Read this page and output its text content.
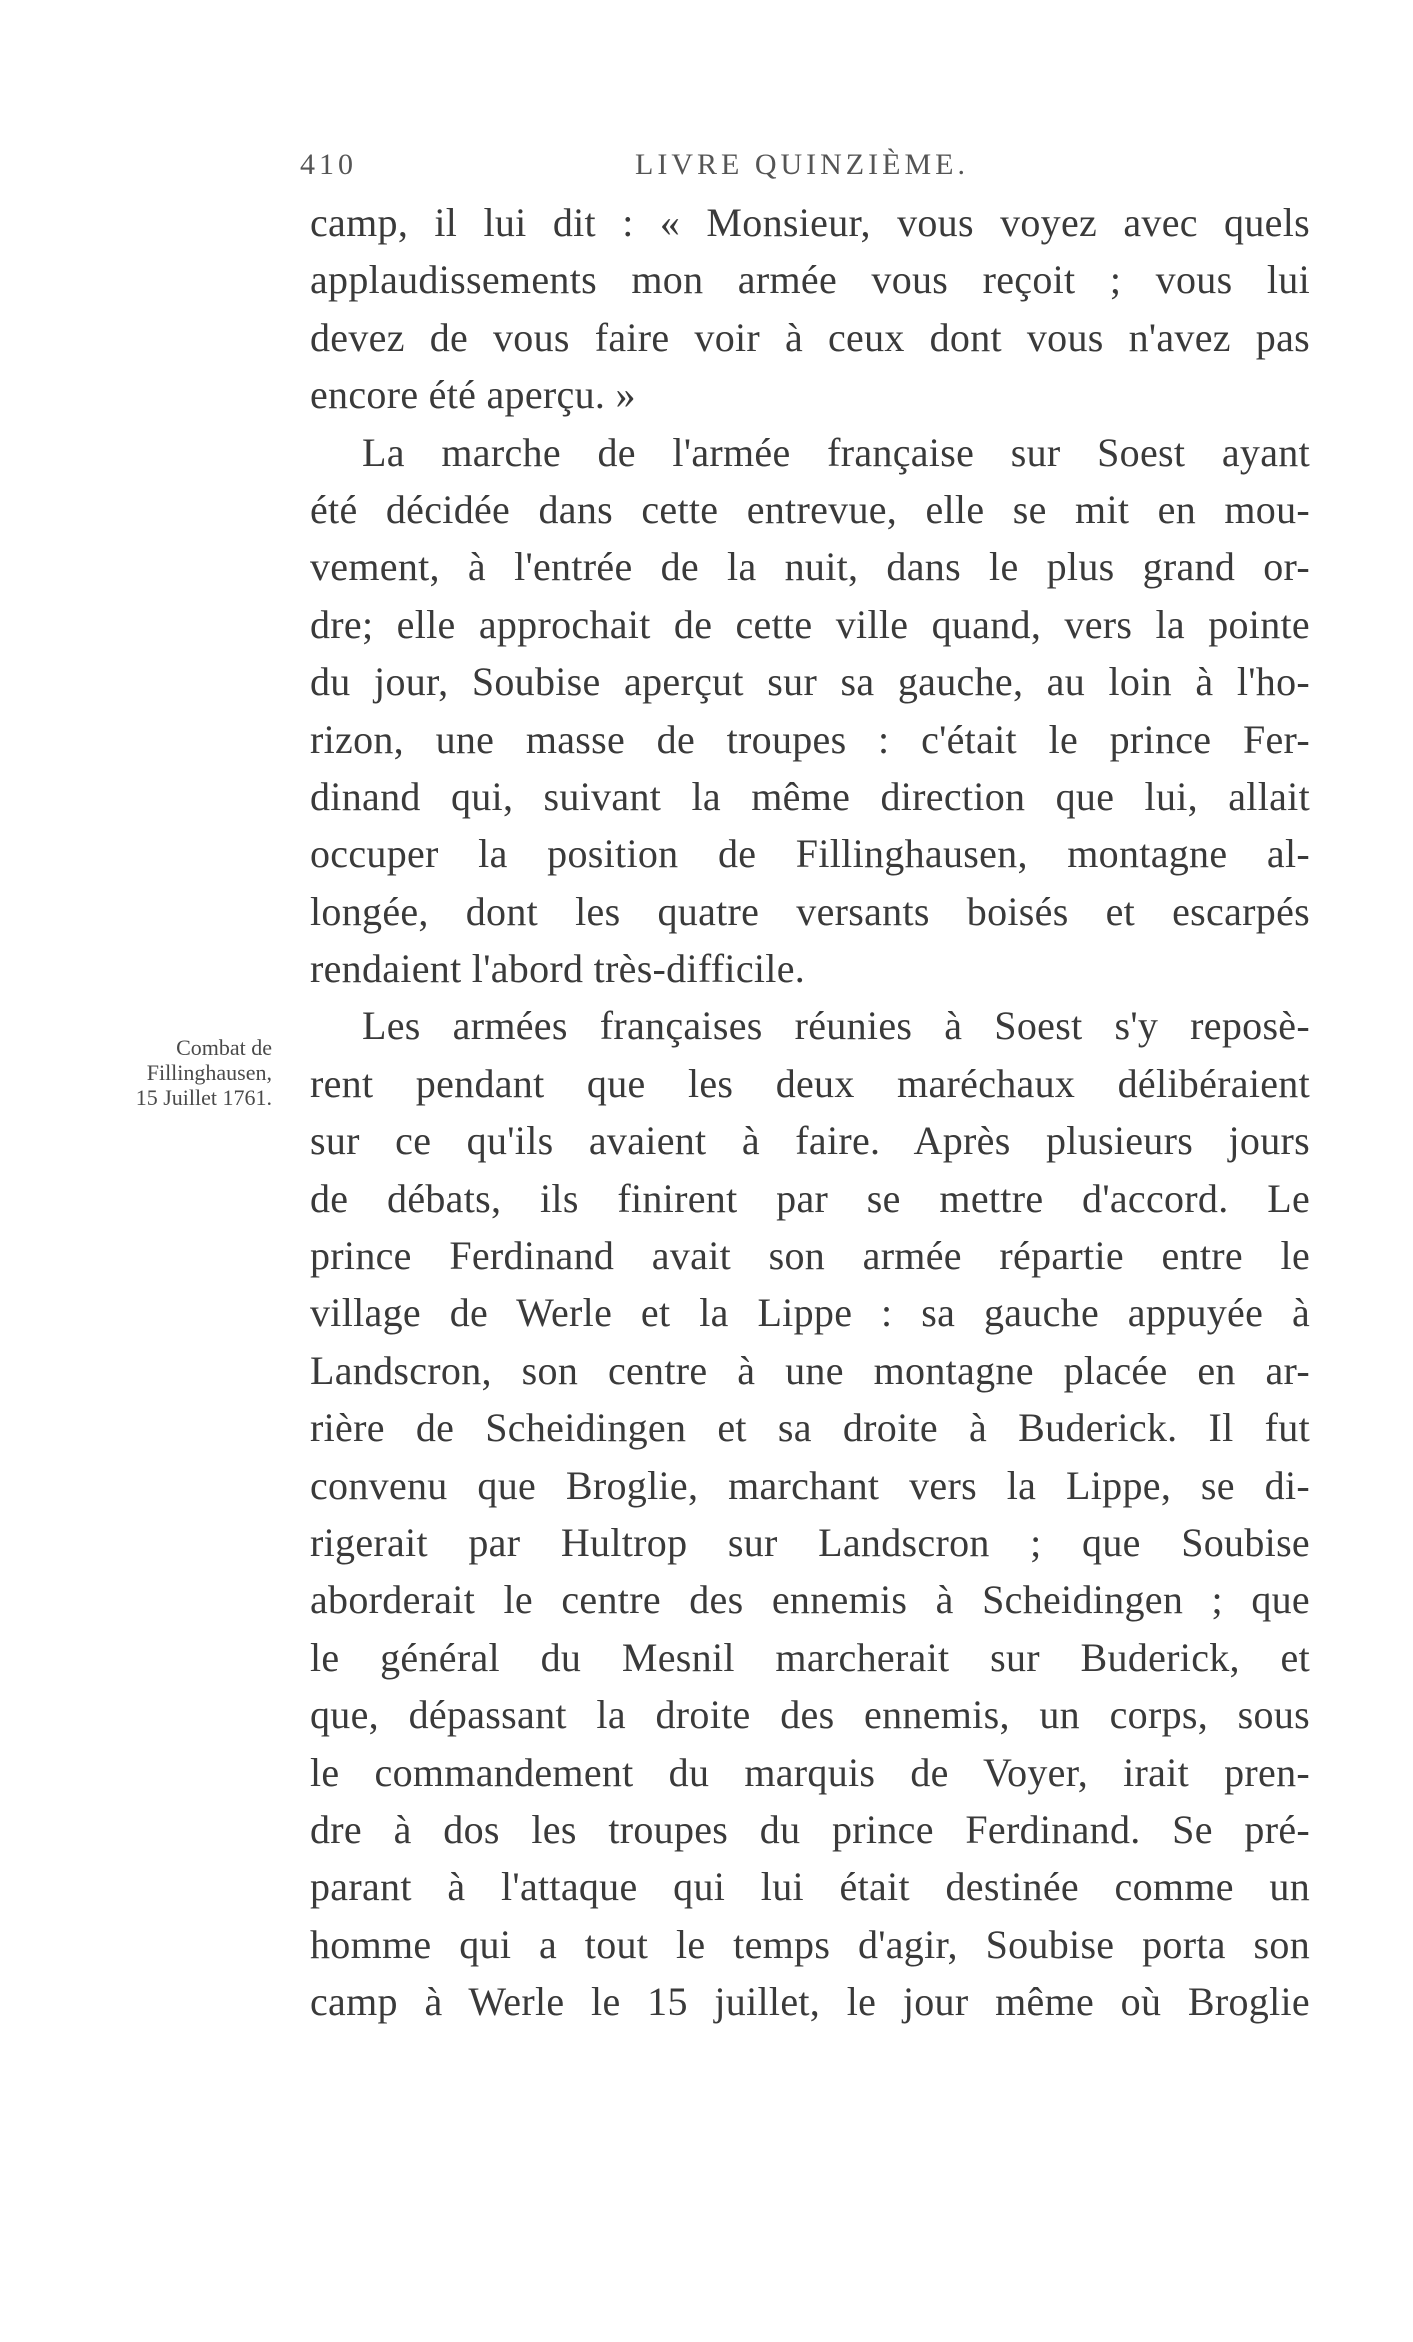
410	LIVRE QUINZIÈME.
Combat de
Fillinghausen,
15 Juillet 1761.
camp, il lui dit : « Monsieur, vous voyez avec quels
applaudissements mon armée vous reçoit ; vous lui
devez de vous faire voir à ceux dont vous n'avez pas
encore été aperçu. »
La marche de l'armée française sur Soest ayant
été décidée dans cette entrevue, elle se mit en mou-
vement, à l'entrée de la nuit, dans le plus grand or-
dre; elle approchait de cette ville quand, vers la pointe
du jour, Soubise aperçut sur sa gauche, au loin à l'ho-
rizon, une masse de troupes : c'était le prince Fer-
dinand qui, suivant la même direction que lui, allait
occuper la position de Fillinghausen, montagne al-
longée, dont les quatre versants boisés et escarpés
rendaient l'abord très-difficile.
Les armées françaises réunies à Soest s'y reposè-
rent pendant que les deux maréchaux délibéraient
sur ce qu'ils avaient à faire. Après plusieurs jours
de débats, ils finirent par se mettre d'accord. Le
prince Ferdinand avait son armée répartie entre le
village de Werle et la Lippe : sa gauche appuyée à
Landscron, son centre à une montagne placée en ar-
rière de Scheidingen et sa droite à Buderick. Il fut
convenu que Broglie, marchant vers la Lippe, se di-
rigerait par Hultrop sur Landscron ; que Soubise
aborderait le centre des ennemis à Scheidingen ; que
le général du Mesnil marcherait sur Buderick, et
que, dépassant la droite des ennemis, un corps, sous
le commandement du marquis de Voyer, irait pren-
dre à dos les troupes du prince Ferdinand. Se pré-
parant à l'attaque qui lui était destinée comme un
homme qui a tout le temps d'agir, Soubise porta son
camp à Werle le 15 juillet, le jour même où Broglie
